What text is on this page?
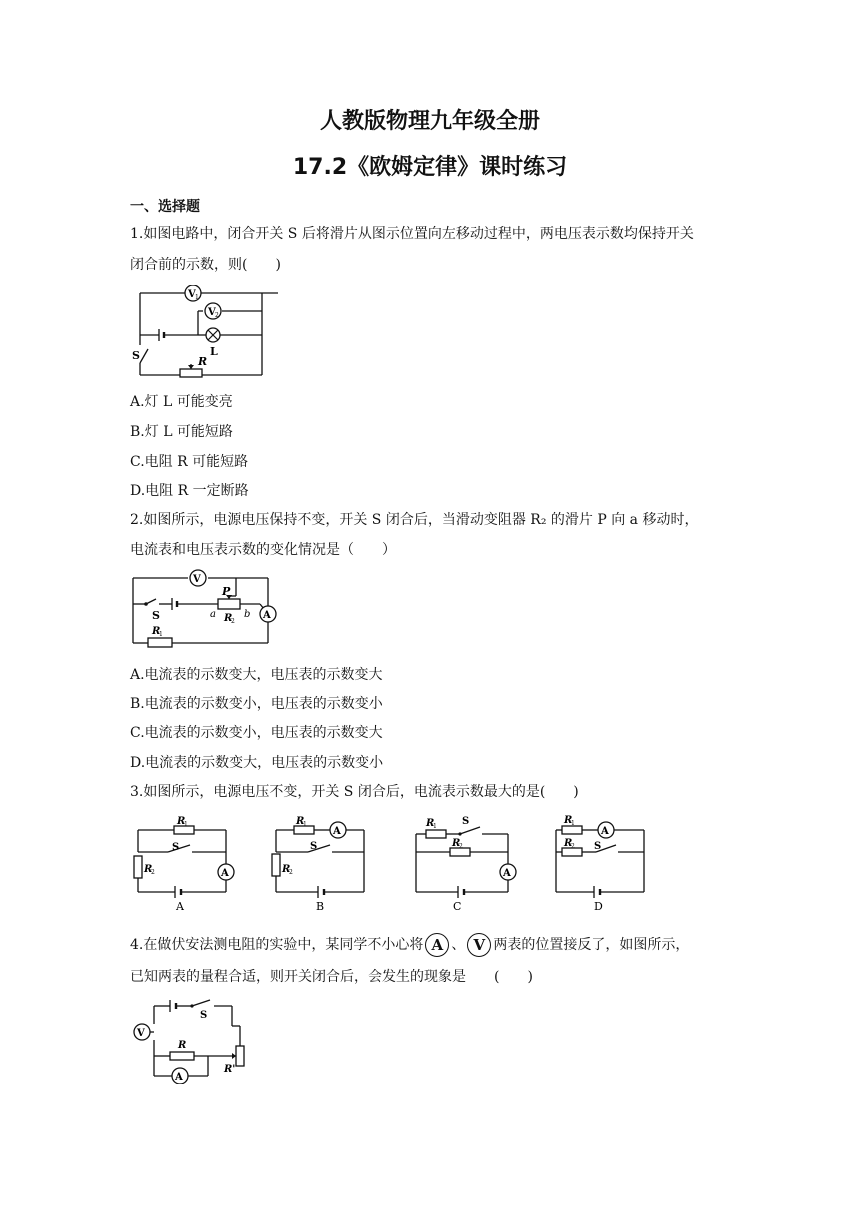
人教版物理九年级全册
17.2《欧姆定律》课时练习
一、选择题
1.如图电路中，闭合开关 S 后将滑片从图示位置向左移动过程中，两电压表示数均保持开关
闭合前的示数，则(　　)
V 1
V 2
L
S	R
A.灯 L 可能变亮
B.灯 L 可能短路
C.电阻 R 可能短路
D.电阻 R 一定断路
2.如图所示，电源电压保持不变，开关 S 闭合后，当滑动变阻器 R₂ 的滑片 P 向 a 移动时，
电流表和电压表示数的变化情况是（　　）
V
A
S
P
a	b
R
2
R
1
A.电流表的示数变大，电压表的示数变大
B.电流表的示数变小，电压表的示数变小
C.电流表的示数变小，电压表的示数变大
D.电流表的示数变大，电压表的示数变小
3.如图所示，电源电压不变，开关 S 闭合后，电流表示数最大的是(　　)
A
R
1
R
2
S
A
A
R
1
R
2
S
B
A
R
1	S
R
2
C
A
R
1
R
2 S
D
4.在做伏安法测电阻的实验中，某同学不小心将 A 、 V 两表的位置接反了，如图所示，
已知两表的量程合适，则开关闭合后，会发生的现象是　　(　　)
V
A
S
R
R'
